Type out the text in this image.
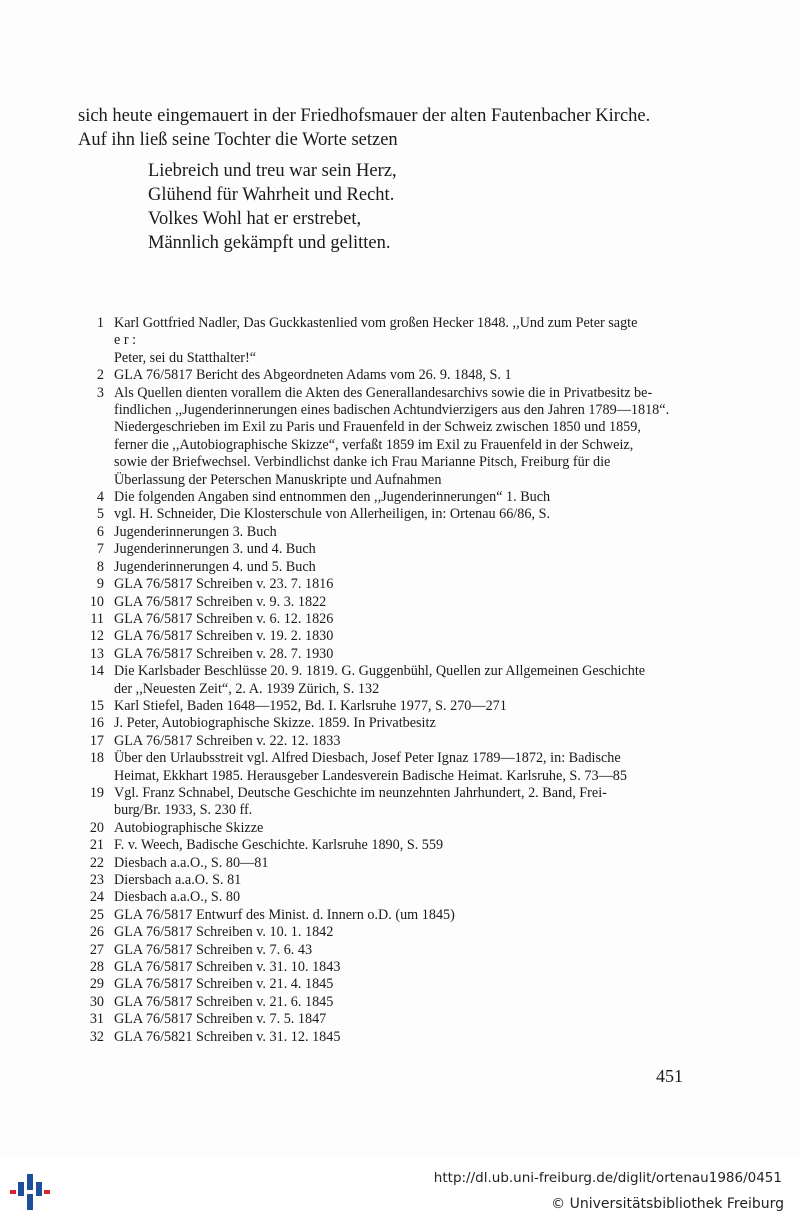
sich heute eingemauert in der Friedhofsmauer der alten Fautenbacher Kirche.

Auf ihn ließ seine Tochter die Worte setzen

Liebreich und treu war sein Herz,
Glühend für Wahrheit und Recht.
Volkes Wohl hat er erstrebet,
Männlich gekämpft und gelitten.
1 Karl Gottfried Nadler, Das Guckkastenlied vom großen Hecker 1848. ,,Und zum Peter sagte
e r :
Peter, sei du Statthalter!“
2 GLA 76/5817 Bericht des Abgeordneten Adams vom 26. 9. 1848, S. 1
3 Als Quellen dienten vorallem die Akten des Generallandesarchivs sowie die in Privatbesitz be-
findlichen ,,Jugenderinnerungen eines badischen Achtundvierzigers aus den Jahren 1789—1818“.
Niedergeschrieben im Exil zu Paris und Frauenfeld in der Schweiz zwischen 1850 und 1859,
ferner die ,,Autobiographische Skizze“, verfaßt 1859 im Exil zu Frauenfeld in der Schweiz,
sowie der Briefwechsel. Verbindlichst danke ich Frau Marianne Pitsch, Freiburg für die
Überlassung der Peterschen Manuskripte und Aufnahmen
4 Die folgenden Angaben sind entnommen den ,,Jugenderinnerungen“ 1. Buch
5 vgl. H. Schneider, Die Klosterschule von Allerheiligen, in: Ortenau 66/86, S.
6 Jugenderinnerungen 3. Buch
7 Jugenderinnerungen 3. und 4. Buch
8 Jugenderinnerungen 4. und 5. Buch
9 GLA 76/5817 Schreiben v. 23. 7. 1816
10 GLA 76/5817 Schreiben v. 9. 3. 1822
11 GLA 76/5817 Schreiben v. 6. 12. 1826
12 GLA 76/5817 Schreiben v. 19. 2. 1830
13 GLA 76/5817 Schreiben v. 28. 7. 1930
14 Die Karlsbader Beschlüsse 20. 9. 1819. G. Guggenbühl, Quellen zur Allgemeinen Geschichte
der ,,Neuesten Zeit“, 2. A. 1939 Zürich, S. 132
15 Karl Stiefel, Baden 1648—1952, Bd. I. Karlsruhe 1977, S. 270—271
16 J. Peter, Autobiographische Skizze. 1859. In Privatbesitz
17 GLA 76/5817 Schreiben v. 22. 12. 1833
18 Über den Urlaubsstreit vgl. Alfred Diesbach, Josef Peter Ignaz 1789—1872, in: Badische
Heimat, Ekkhart 1985. Herausgeber Landesverein Badische Heimat. Karlsruhe, S. 73—85
19 Vgl. Franz Schnabel, Deutsche Geschichte im neunzehnten Jahrhundert, 2. Band, Frei-
burg/Br. 1933, S. 230 ff.
20 Autobiographische Skizze
21 F. v. Weech, Badische Geschichte. Karlsruhe 1890, S. 559
22 Diesbach a.a.O., S. 80—81
23 Diersbach a.a.O. S. 81
24 Diesbach a.a.O., S. 80
25 GLA 76/5817 Entwurf des Minist. d. Innern o.D. (um 1845)
26 GLA 76/5817 Schreiben v. 10. 1. 1842
27 GLA 76/5817 Schreiben v. 7. 6. 43
28 GLA 76/5817 Schreiben v. 31. 10. 1843
29 GLA 76/5817 Schreiben v. 21. 4. 1845
30 GLA 76/5817 Schreiben v. 21. 6. 1845
31 GLA 76/5817 Schreiben v. 7. 5. 1847
32 GLA 76/5821 Schreiben v. 31. 12. 1845
451
http://dl.ub.uni-freiburg.de/diglit/ortenau1986/0451
© Universitätsbibliothek Freiburg
